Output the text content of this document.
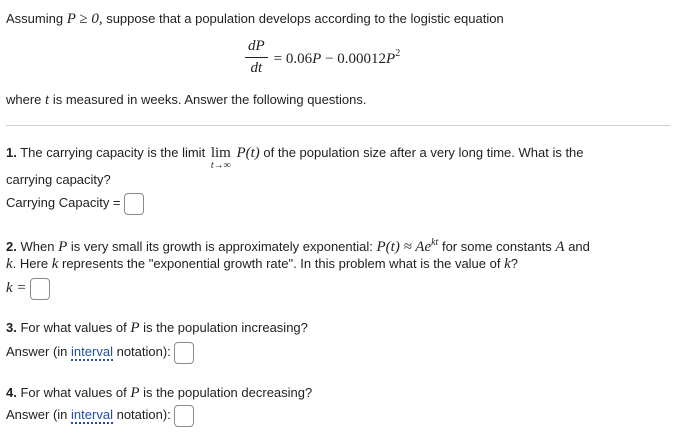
Assuming P ≥ 0, suppose that a population develops according to the logistic equation
$\frac{dP}{dt} = 0.06P - 0.00012P^2$
where t is measured in weeks. Answer the following questions.
1. The carrying capacity is the limit lim
t→∞
P(t) of the population size after a very long time. What is the
carrying capacity?
Carrying Capacity =
2. When P is very small its growth is approximately exponential: $P(t) \approx Ae^{kt}$ for some constants A and
k. Here k represents the "exponential growth rate". In this problem what is the value of k?
k =
3. For what values of P is the population increasing?
Answer (in interval notation):
4. For what values of P is the population decreasing?
Answer (in interval notation):
